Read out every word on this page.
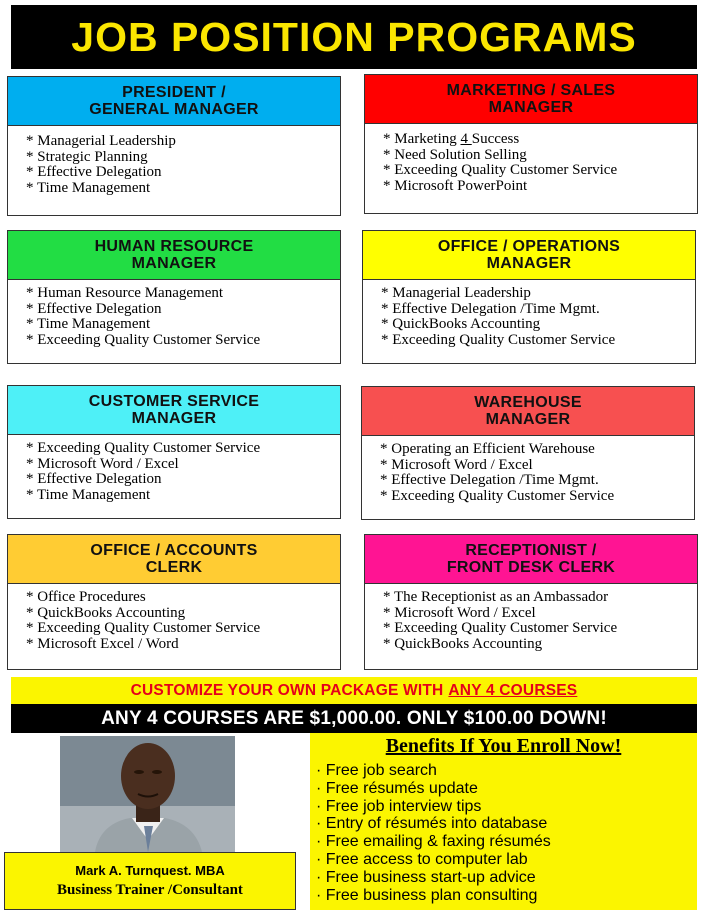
JOB POSITION PROGRAMS
PRESIDENT /
GENERAL MANAGER
* Managerial Leadership
* Strategic Planning
* Effective Delegation
* Time Management
MARKETING / SALES
MANAGER
* Marketing 4 Success
* Need Solution Selling
* Exceeding Quality Customer Service
* Microsoft PowerPoint
HUMAN RESOURCE
MANAGER
* Human Resource Management
* Effective Delegation
* Time Management
* Exceeding Quality Customer Service
OFFICE / OPERATIONS
MANAGER
* Managerial Leadership
* Effective Delegation /Time Mgmt.
* QuickBooks Accounting
* Exceeding Quality Customer Service
CUSTOMER SERVICE
MANAGER
* Exceeding Quality Customer Service
* Microsoft Word / Excel
* Effective Delegation
* Time Management
WAREHOUSE
MANAGER
* Operating an Efficient Warehouse
* Microsoft Word / Excel
* Effective Delegation /Time Mgmt.
* Exceeding Quality Customer Service
OFFICE / ACCOUNTS
CLERK
* Office Procedures
* QuickBooks Accounting
* Exceeding Quality Customer Service
* Microsoft Excel / Word
RECEPTIONIST /
FRONT DESK CLERK
* The Receptionist as an Ambassador
* Microsoft Word / Excel
* Exceeding Quality Customer Service
* QuickBooks Accounting
CUSTOMIZE YOUR OWN PACKAGE WITH ANY 4 COURSES
ANY 4 COURSES ARE $1,000.00. ONLY $100.00 DOWN!
Mark A. Turnquest. MBA
Business Trainer /Consultant
Benefits If You Enroll Now!
· Free job search
· Free résumés update
· Free job interview tips
· Entry of résumés into database
· Free emailing & faxing résumés
· Free access to computer lab
· Free business start-up advice
· Free business plan consulting
